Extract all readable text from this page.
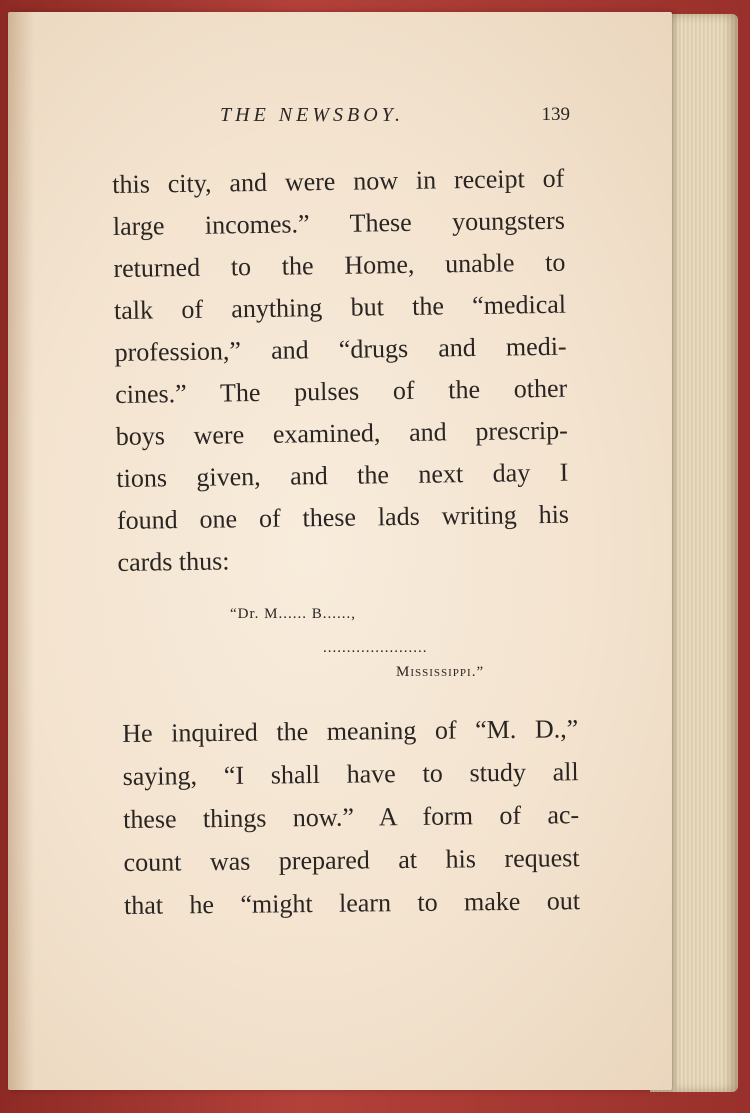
THE NEWSBOY.	139
this city, and were now in receipt of
large incomes.” These youngsters
returned to the Home, unable to
talk of anything but the “medical
profession,” and “drugs and medi-
cines.” The pulses of the other
boys were examined, and prescrip-
tions given, and the next day I
found one of these lads writing his
cards thus:
“Dr. M...... B......,
......................
Mississippi.”
He inquired the meaning of “M. D.,”
saying, “I shall have to study all
these things now.” A form of ac-
count was prepared at his request
that he “might learn to make out
